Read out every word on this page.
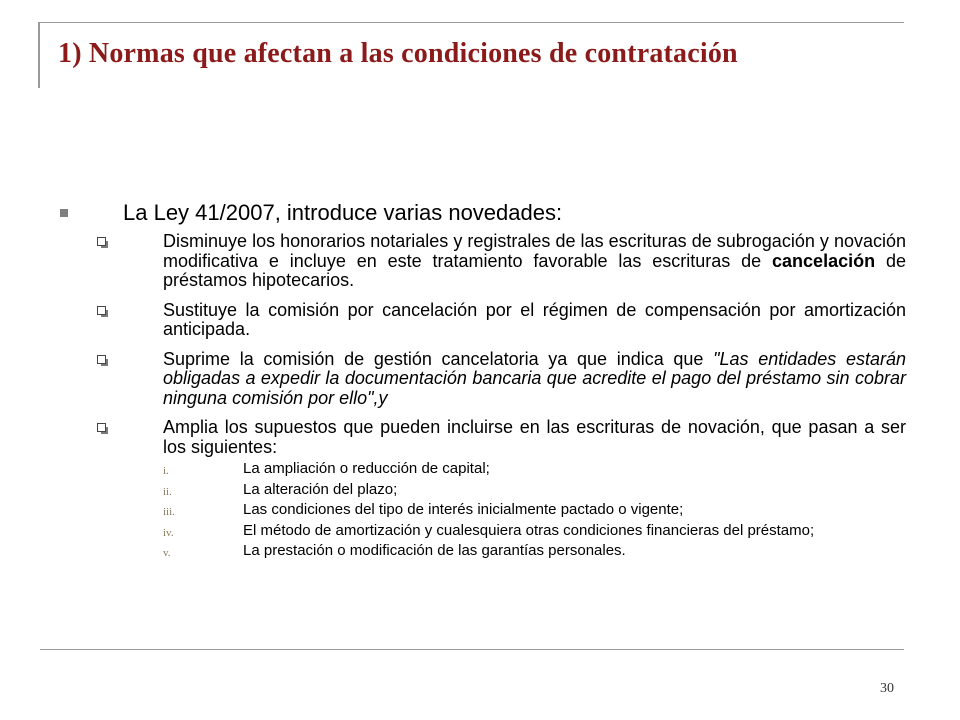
1) Normas que afectan a las condiciones de contratación
La Ley 41/2007, introduce varias novedades:
Disminuye los honorarios notariales y registrales de las escrituras de subrogación y novación modificativa e incluye en este tratamiento favorable las escrituras de cancelación de préstamos hipotecarios.
Sustituye la comisión por cancelación por el régimen de compensación por amortización anticipada.
Suprime la comisión de gestión cancelatoria ya que indica que "Las entidades estarán obligadas a expedir la documentación bancaria que acredite el pago del préstamo sin cobrar ninguna comisión por ello",y
Amplia los supuestos que pueden incluirse en las escrituras de novación, que pasan a ser los siguientes:
i.	La ampliación o reducción de capital;
ii.	La alteración del plazo;
iii.	Las condiciones del tipo de interés inicialmente pactado o vigente;
iv.	El método de amortización y cualesquiera otras condiciones financieras del préstamo;
v.	La prestación o modificación de las garantías personales.
30
